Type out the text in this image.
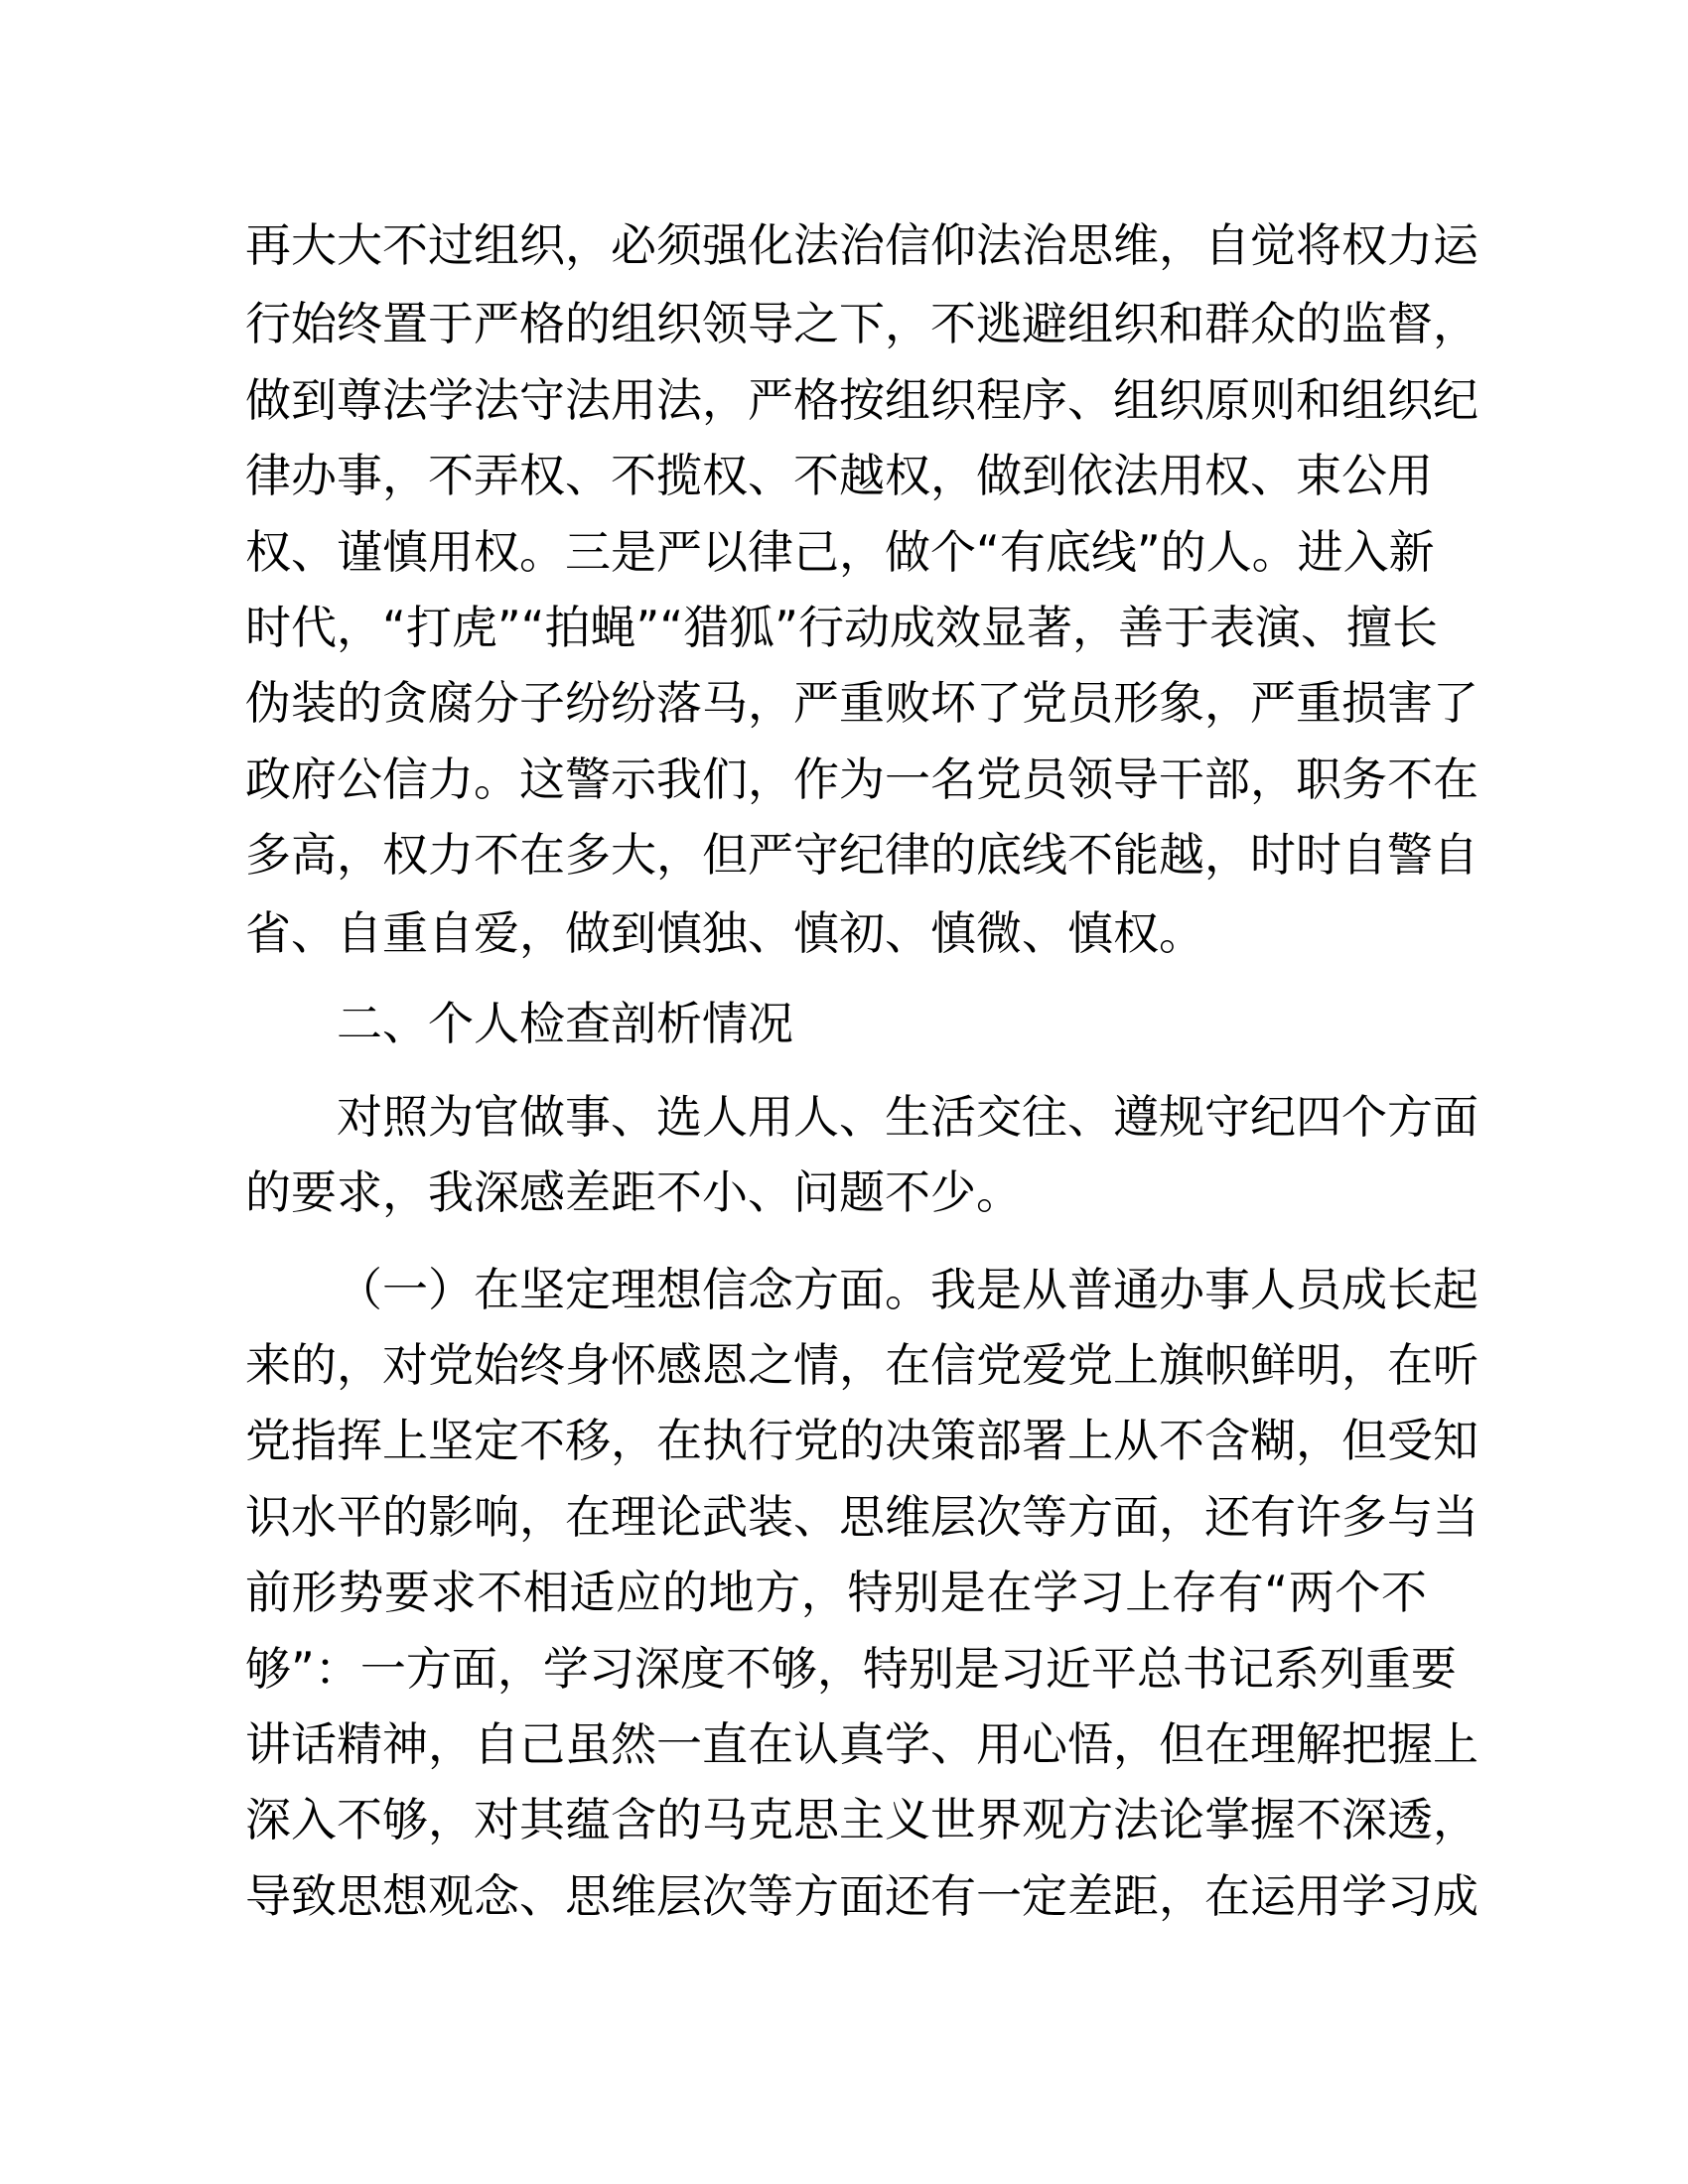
再大大不过组织，必须强化法治信仰法治思维，自觉将权力运
行始终置于严格的组织领导之下，不逃避组织和群众的监督，
做到尊法学法守法用法，严格按组织程序、组织原则和组织纪
律办事，不弄权、不揽权、不越权，做到依法用权、束公用
权、谨慎用权。三是严以律己，做个“有底线”的人。进入新
时代，“打虎”“拍蝇”“猎狐”行动成效显著，善于表演、擅长
伪装的贪腐分子纷纷落马，严重败坏了党员形象，严重损害了
政府公信力。这警示我们，作为一名党员领导干部，职务不在
多高，权力不在多大，但严守纪律的底线不能越，时时自警自
省、自重自爱，做到慎独、慎初、慎微、慎权。
二、个人检查剖析情况
对照为官做事、选人用人、生活交往、遵规守纪四个方面
的要求，我深感差距不小、问题不少。
（一）在坚定理想信念方面。我是从普通办事人员成长起
来的，对党始终身怀感恩之情，在信党爱党上旗帜鲜明，在听
党指挥上坚定不移，在执行党的决策部署上从不含糊，但受知
识水平的影响，在理论武装、思维层次等方面，还有许多与当
前形势要求不相适应的地方，特别是在学习上存有“两个不
够”：一方面，学习深度不够，特别是习近平总书记系列重要
讲话精神，自己虽然一直在认真学、用心悟，但在理解把握上
深入不够，对其蕴含的马克思主义世界观方法论掌握不深透，
导致思想观念、思维层次等方面还有一定差距，在运用学习成
